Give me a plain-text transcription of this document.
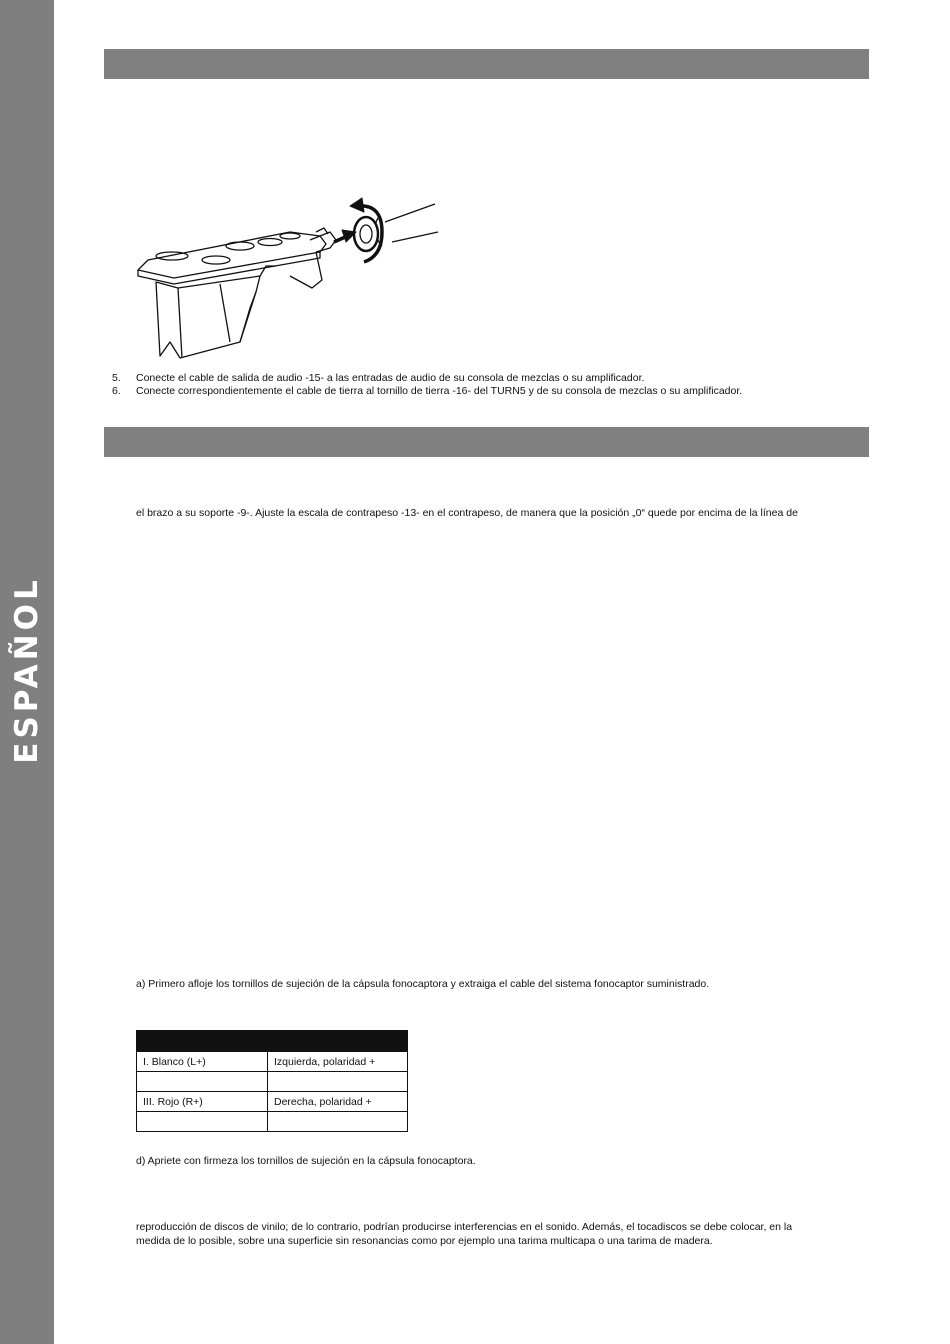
ESPAÑOL
5.	Conecte el cable de salida de audio -15- a las entradas de audio de su consola de mezclas o su amplificador.
6.	Conecte correspondientemente el cable de tierra al tornillo de tierra -16- del TURN5 y de su consola de mezclas o su amplificador.
el brazo a su soporte -9-. Ajuste la escala de contrapeso -13- en el contrapeso, de manera que la posición „0“ quede por encima de la línea de
a) Primero afloje los tornillos de sujeción de la cápsula fonocaptora y extraiga el cable del sistema fonocaptor suministrado.

I. Blanco (L+)	Izquierda, polaridad +

III. Rojo (R+)	Derecha, polaridad +

d) Apriete con firmeza los tornillos de sujeción en la cápsula fonocaptora.
reproducción de discos de vinilo; de lo contrario, podrían producirse interferencias en el sonido. Además, el tocadiscos se debe colocar, en la
medida de lo posible, sobre una superficie sin resonancias como por ejemplo una tarima multicapa o una tarima de madera.
